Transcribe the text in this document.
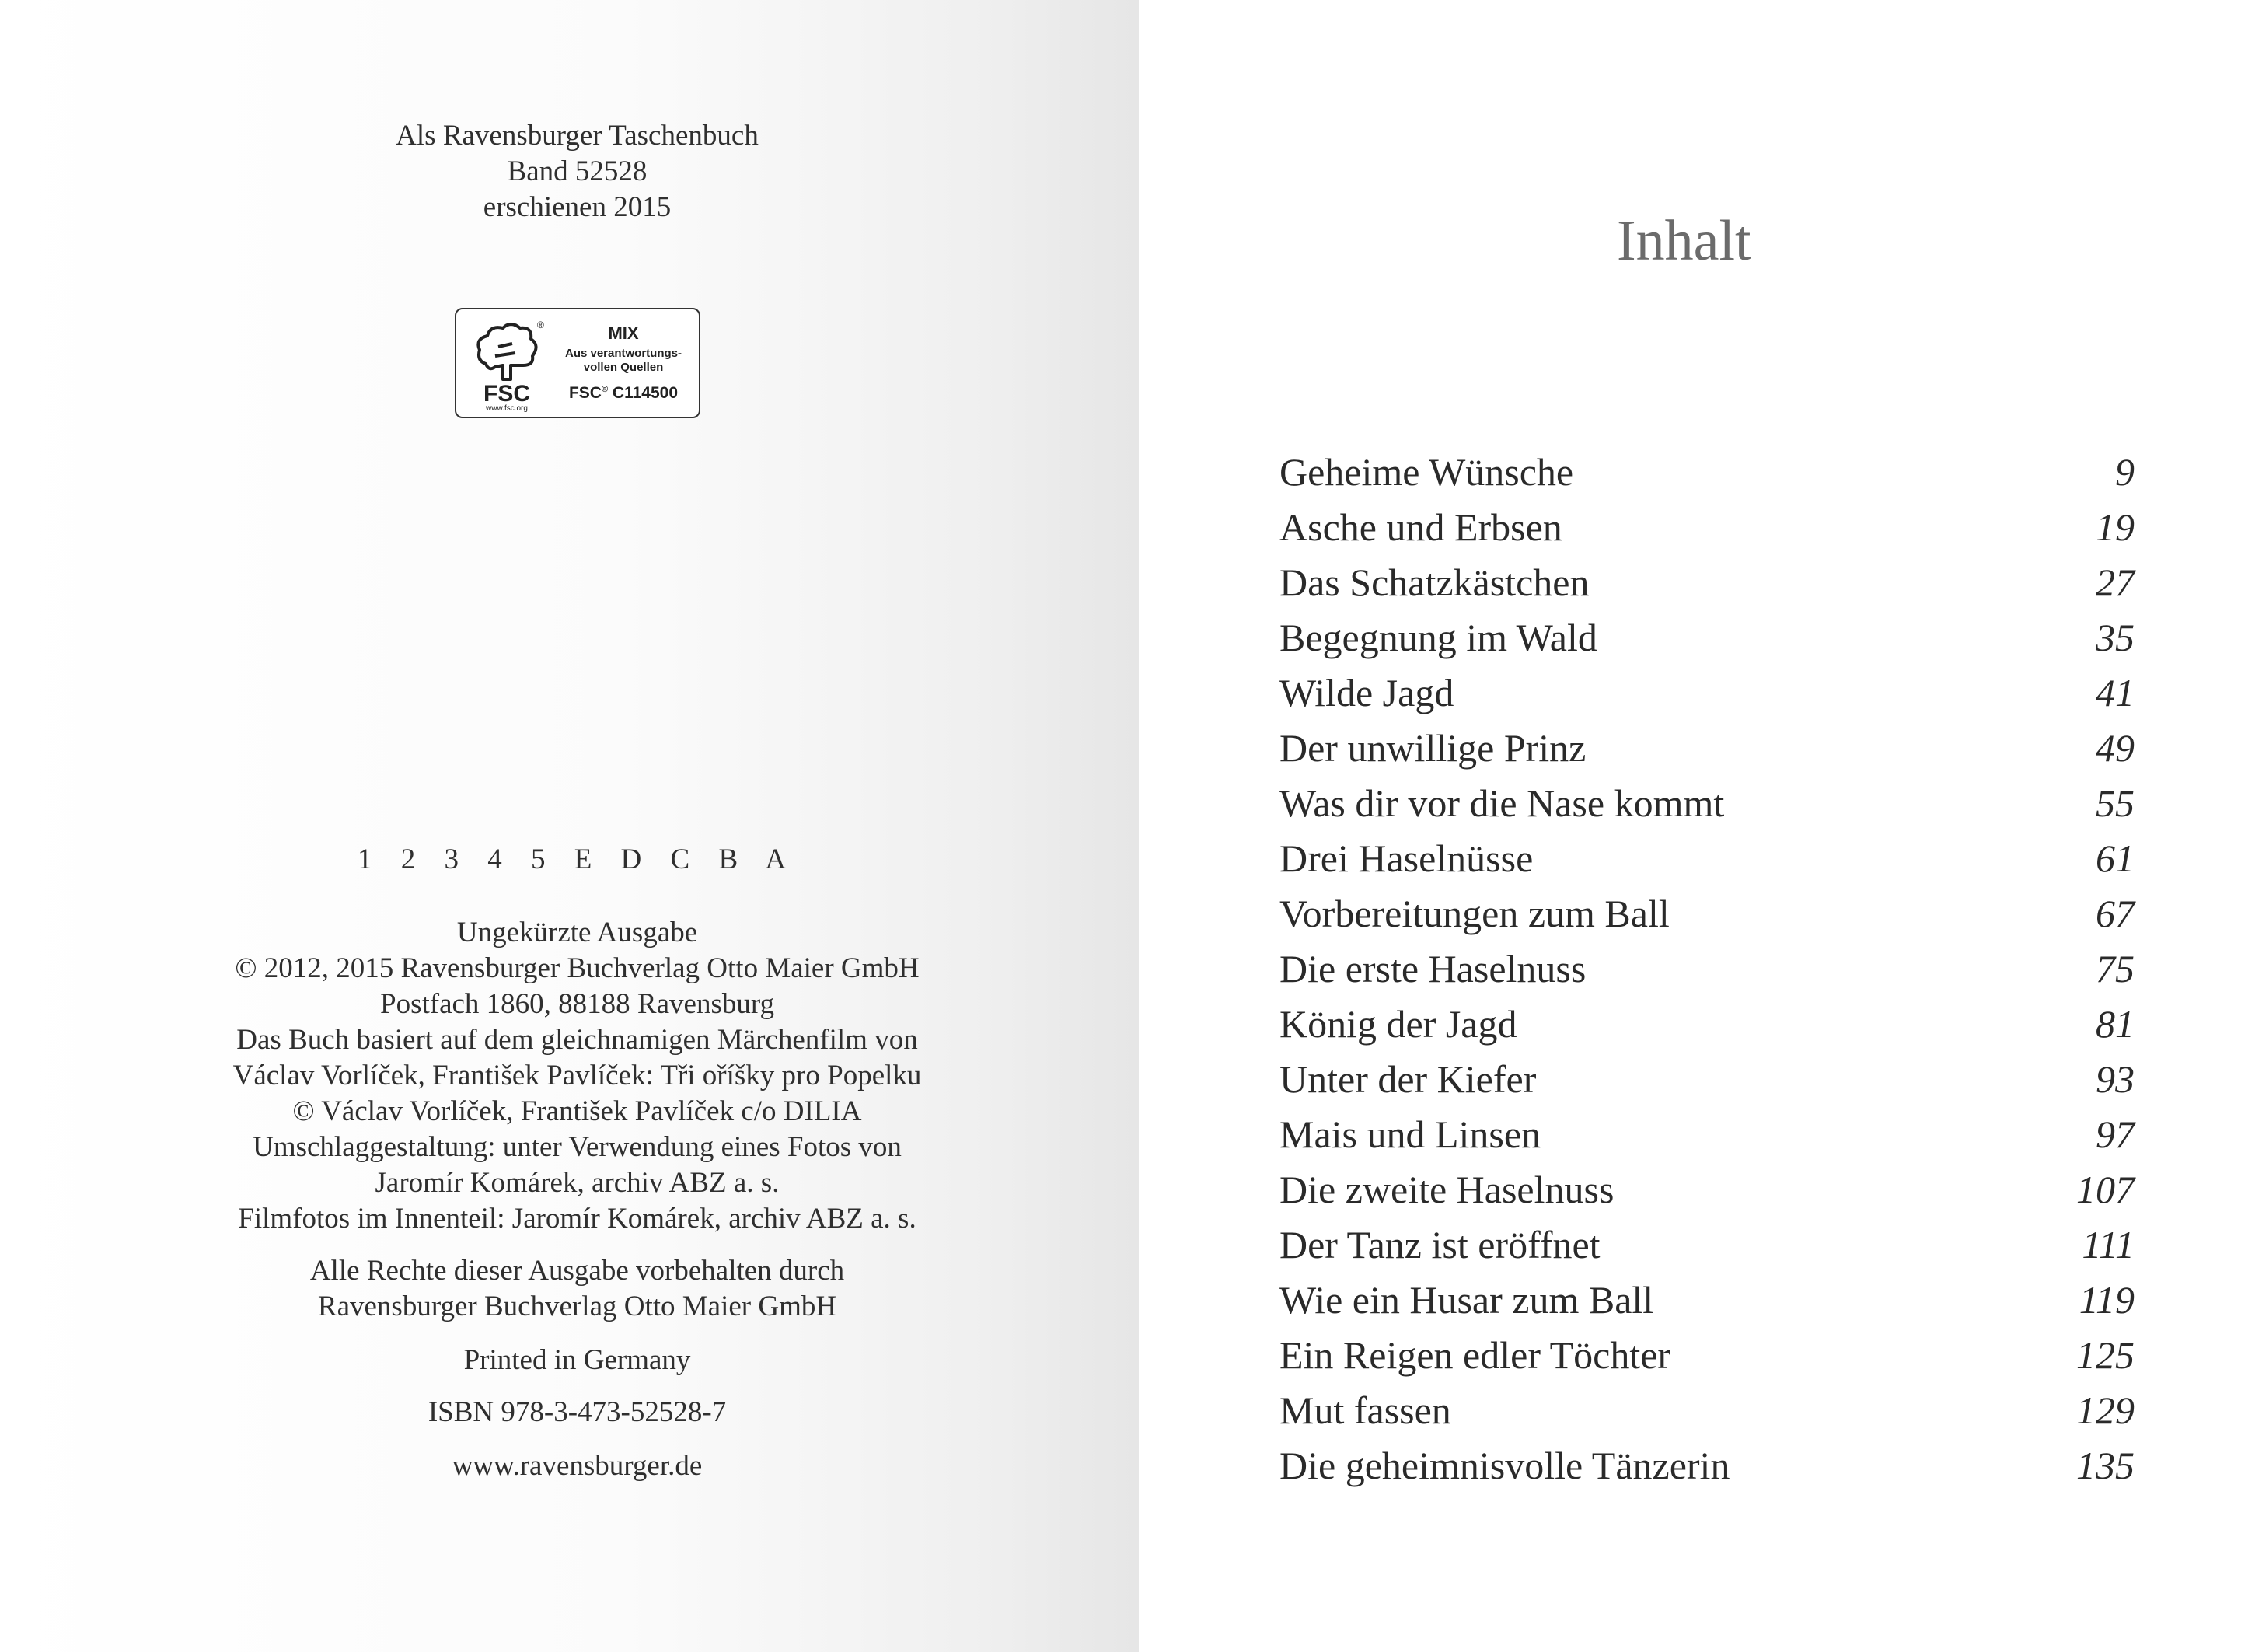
Als Ravensburger Taschenbuch
Band 52528
erschienen 2015
®
FSC
www.fsc.org
MIX
Aus verantwortungs-
vollen Quellen
FSC® C114500
1 2 3 4 5 E D C B A
Ungekürzte Ausgabe
© 2012, 2015 Ravensburger Buchverlag Otto Maier GmbH
Postfach 1860, 88188 Ravensburg
Das Buch basiert auf dem gleichnamigen Märchenfilm von
Václav Vorlíček, František Pavlíček: Tři oříšky pro Popelku
© Václav Vorlíček, František Pavlíček c/o DILIA
Umschlaggestaltung: unter Verwendung eines Fotos von
Jaromír Komárek, archiv ABZ a. s.
Filmfotos im Innenteil: Jaromír Komárek, archiv ABZ a. s.
Alle Rechte dieser Ausgabe vorbehalten durch
Ravensburger Buchverlag Otto Maier GmbH
Printed in Germany
ISBN 978-3-473-52528-7
www.ravensburger.de
Inhalt
Geheime Wünsche	9
Asche und Erbsen	19
Das Schatzkästchen	27
Begegnung im Wald	35
Wilde Jagd	41
Der unwillige Prinz	49
Was dir vor die Nase kommt	55
Drei Haselnüsse	61
Vorbereitungen zum Ball	67
Die erste Haselnuss	75
König der Jagd	81
Unter der Kiefer	93
Mais und Linsen	97
Die zweite Haselnuss	107
Der Tanz ist eröffnet	111
Wie ein Husar zum Ball	119
Ein Reigen edler Töchter	125
Mut fassen	129
Die geheimnisvolle Tänzerin	135
